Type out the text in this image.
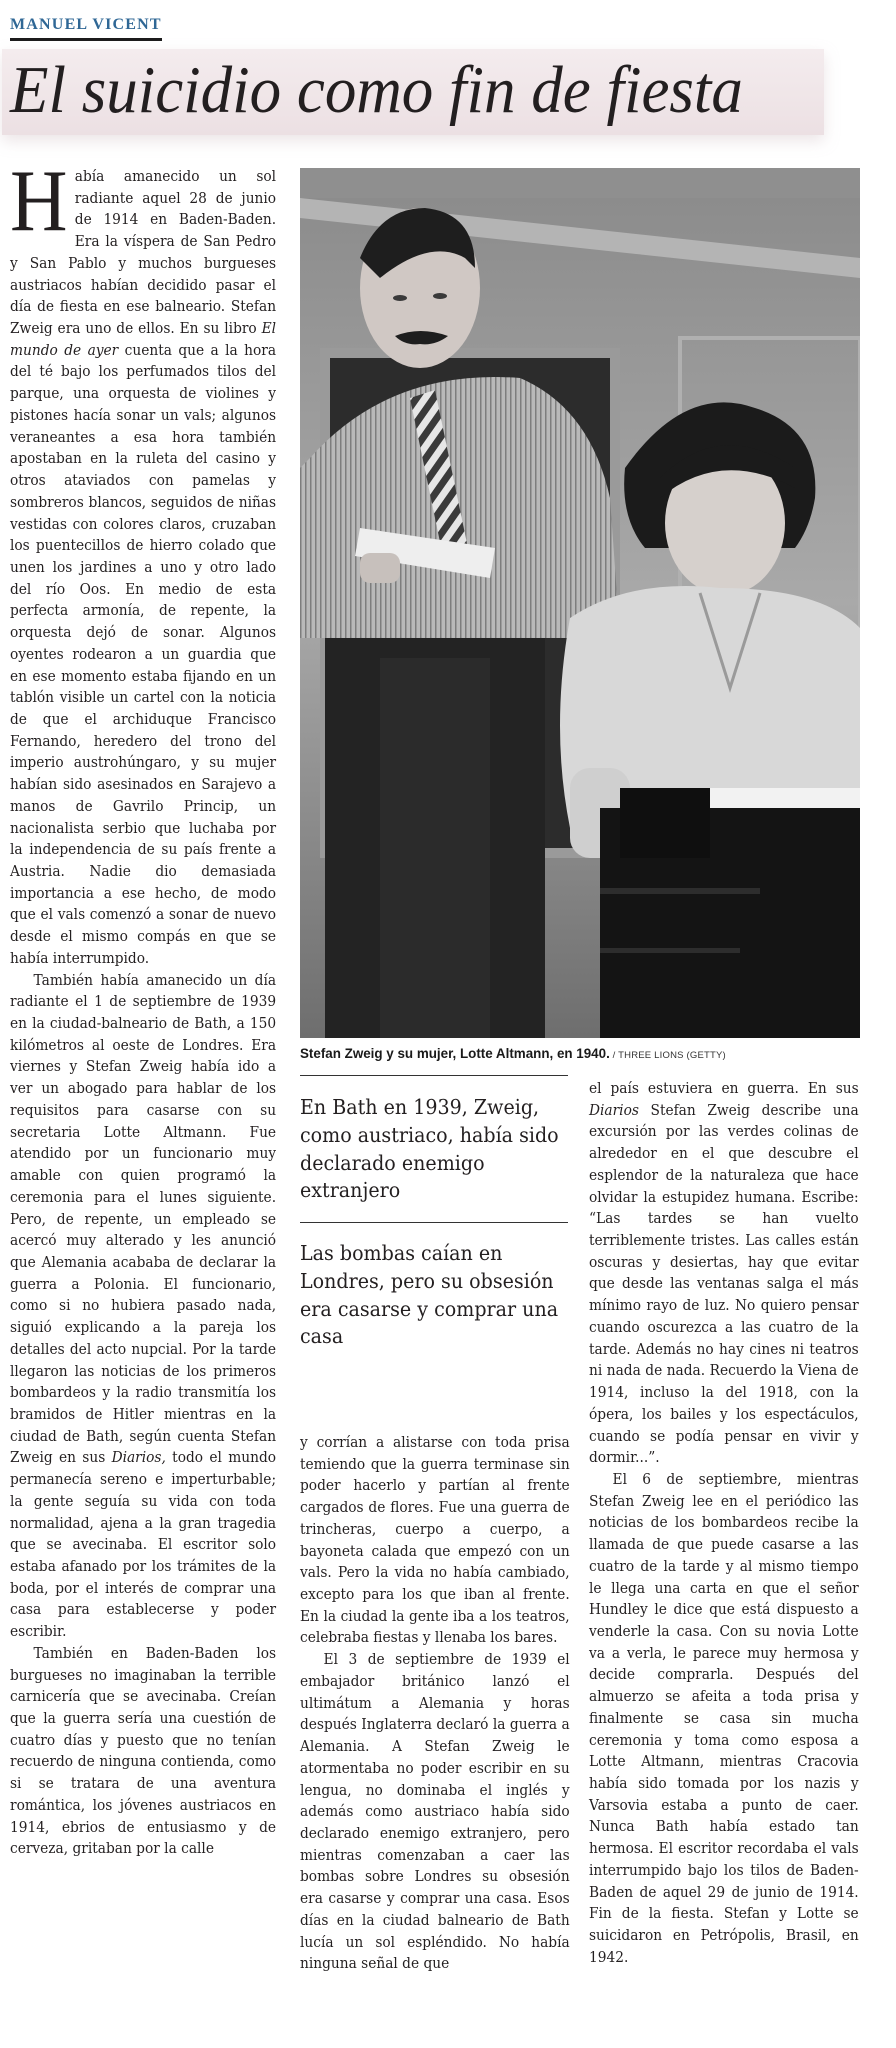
MANUEL VICENT
El suicidio como fin de fiesta

Había amanecido un sol radiante aquel 28 de junio de 1914 en Baden-Baden. Era la víspera de San Pedro y San Pablo y muchos burgueses austriacos habían decidido pasar el día de fiesta en ese balneario. Stefan Zweig era uno de ellos. En su libro El mundo de ayer cuenta que a la hora del té bajo los perfumados tilos del parque, una orquesta de violines y pistones hacía sonar un vals; algunos veraneantes a esa hora también apostaban en la ruleta del casino y otros ataviados con pamelas y sombreros blancos, seguidos de niñas vestidas con colores claros, cruzaban los puentecillos de hierro colado que unen los jardines a uno y otro lado del río Oos. En medio de esta perfecta armonía, de repente, la orquesta dejó de sonar. Algunos oyentes rodearon a un guardia que en ese momento estaba fijando en un tablón visible un cartel con la noticia de que el archiduque Francisco Fernando, heredero del trono del imperio austrohúngaro, y su mujer habían sido asesinados en Sarajevo a manos de Gavrilo Princip, un nacionalista serbio que luchaba por la independencia de su país frente a Austria. Nadie dio demasiada importancia a ese hecho, de modo que el vals comenzó a sonar de nuevo desde el mismo compás en que se había interrumpido.

También había amanecido un día radiante el 1 de septiembre de 1939 en la ciudad-balneario de Bath, a 150 kilómetros al oeste de Londres. Era viernes y Stefan Zweig había ido a ver un abogado para hablar de los requisitos para casarse con su secretaria Lotte Altmann. Fue atendido por un funcionario muy amable con quien programó la ceremonia para el lunes siguiente. Pero, de repente, un empleado se acercó muy alterado y les anunció que Alemania acababa de declarar la guerra a Polonia. El funcionario, como si no hubiera pasado nada, siguió explicando a la pareja los detalles del acto nupcial. Por la tarde llegaron las noticias de los primeros bombardeos y la radio transmitía los bramidos de Hitler mientras en la ciudad de Bath, según cuenta Stefan Zweig en sus Diarios, todo el mundo permanecía sereno e imperturbable; la gente seguía su vida con toda normalidad, ajena a la gran tragedia que se avecinaba. El escritor solo estaba afanado por los trámites de la boda, por el interés de comprar una casa para establecerse y poder escribir.

También en Baden-Baden los burgueses no imaginaban la terrible carnicería que se avecinaba. Creían que la guerra sería una cuestión de cuatro días y puesto que no tenían recuerdo de ninguna contienda, como si se tratara de una aventura romántica, los jóvenes austriacos en 1914, ebrios de entusiasmo y de cerveza, gritaban por la calle

Stefan Zweig y su mujer, Lotte Altmann, en 1940. / THREE LIONS (GETTY)
En Bath en 1939, Zweig, como austriaco, había sido declarado enemigo extranjero
Las bombas caían en Londres, pero su obsesión era casarse y comprar una casa

y corrían a alistarse con toda prisa temiendo que la guerra terminase sin poder hacerlo y partían al frente cargados de flores. Fue una guerra de trincheras, cuerpo a cuerpo, a bayoneta calada que empezó con un vals. Pero la vida no había cambiado, excepto para los que iban al frente. En la ciudad la gente iba a los teatros, celebraba fiestas y llenaba los bares.

El 3 de septiembre de 1939 el embajador británico lanzó el ultimátum a Alemania y horas después Inglaterra declaró la guerra a Alemania. A Stefan Zweig le atormentaba no poder escribir en su lengua, no dominaba el inglés y además como austriaco había sido declarado enemigo extranjero, pero mientras comenzaban a caer las bombas sobre Londres su obsesión era casarse y comprar una casa. Esos días en la ciudad balneario de Bath lucía un sol espléndido. No había ninguna señal de que

el país estuviera en guerra. En sus Diarios Stefan Zweig describe una excursión por las verdes colinas de alrededor en el que descubre el esplendor de la naturaleza que hace olvidar la estupidez humana. Escribe: “Las tardes se han vuelto terriblemente tristes. Las calles están oscuras y desiertas, hay que evitar que desde las ventanas salga el más mínimo rayo de luz. No quiero pensar cuando oscurezca a las cuatro de la tarde. Además no hay cines ni teatros ni nada de nada. Recuerdo la Viena de 1914, incluso la del 1918, con la ópera, los bailes y los espectáculos, cuando se podía pensar en vivir y dormir...”.

El 6 de septiembre, mientras Stefan Zweig lee en el periódico las noticias de los bombardeos recibe la llamada de que puede casarse a las cuatro de la tarde y al mismo tiempo le llega una carta en que el señor Hundley le dice que está dispuesto a venderle la casa. Con su novia Lotte va a verla, le parece muy hermosa y decide comprarla. Después del almuerzo se afeita a toda prisa y finalmente se casa sin mucha ceremonia y toma como esposa a Lotte Altmann, mientras Cracovia había sido tomada por los nazis y Varsovia estaba a punto de caer. Nunca Bath había estado tan hermosa. El escritor recordaba el vals interrumpido bajo los tilos de Baden-Baden de aquel 29 de junio de 1914. Fin de la fiesta. Stefan y Lotte se suicidaron en Petrópolis, Brasil, en 1942.
